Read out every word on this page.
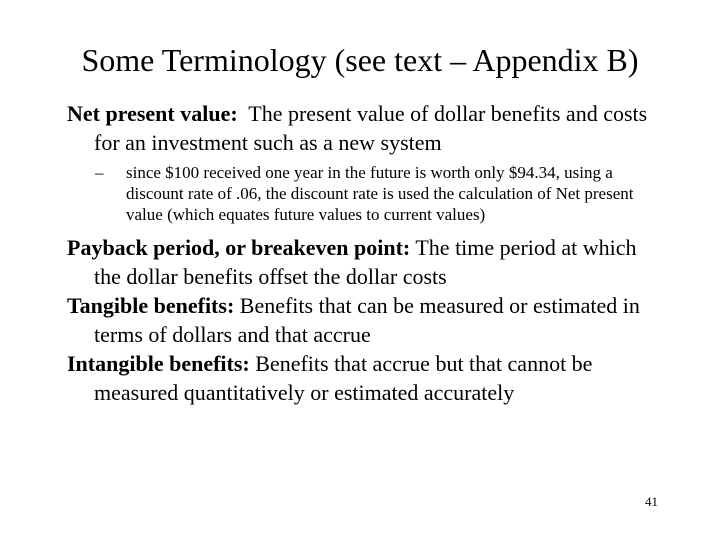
Some Terminology (see text – Appendix B)
Net present value:  The present value of dollar benefits and costs for an investment such as a new system
– since $100 received one year in the future is worth only $94.34, using a discount rate of .06, the discount rate is used the calculation of Net present value (which equates future values to current values)
Payback period, or breakeven point: The time period at which the dollar benefits offset the dollar costs
Tangible benefits: Benefits that can be measured or estimated in terms of dollars and that accrue
Intangible benefits: Benefits that accrue but that cannot be measured quantitatively or estimated accurately
41
